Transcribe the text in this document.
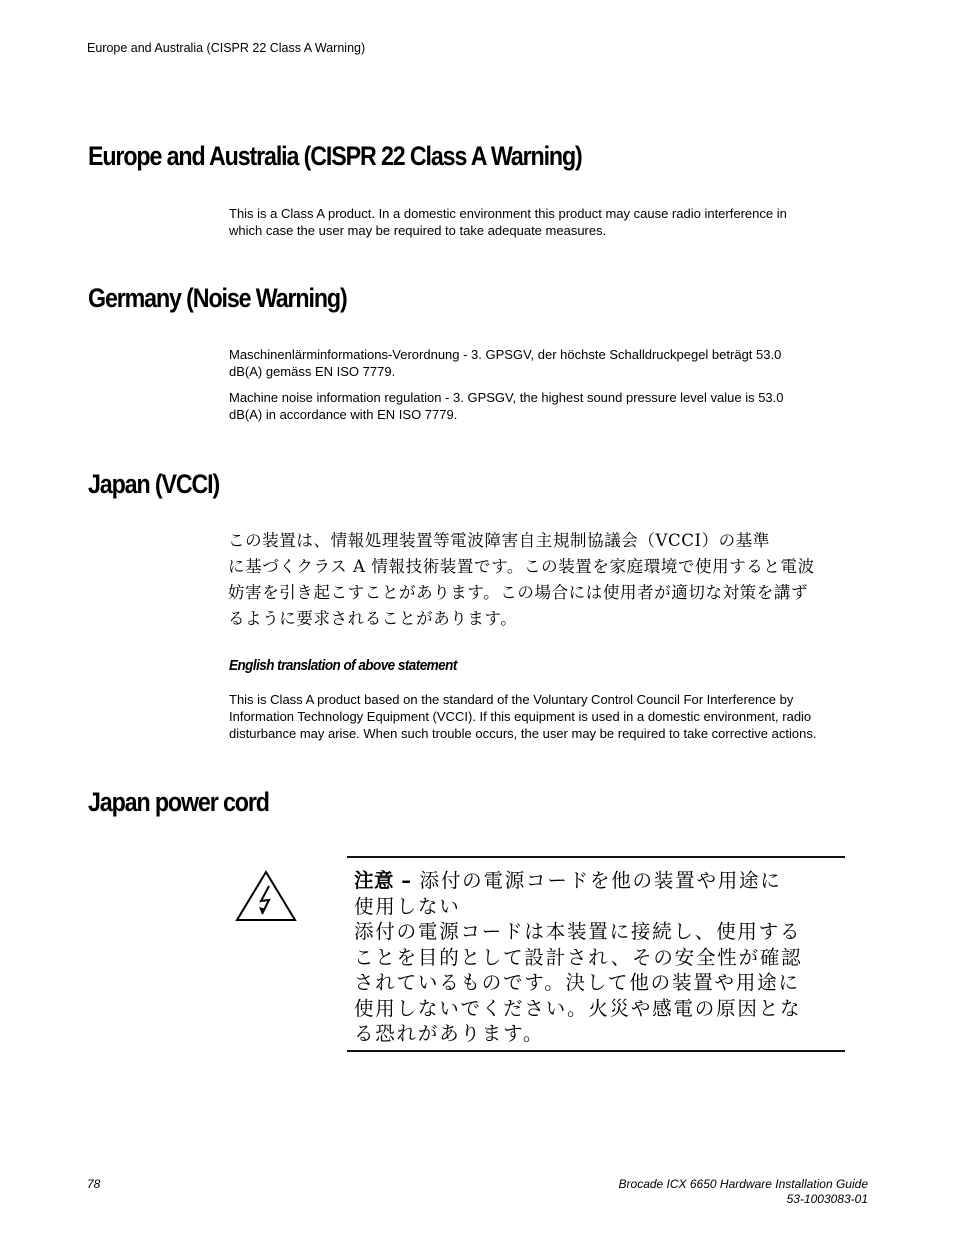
Europe and Australia (CISPR 22 Class A Warning)
Europe and Australia (CISPR 22 Class A Warning)
This is a Class A product. In a domestic environment this product may cause radio interference in
which case the user may be required to take adequate measures.
Germany (Noise Warning)
Maschinenlärminformations-Verordnung - 3. GPSGV, der höchste Schalldruckpegel beträgt 53.0
dB(A) gemäss EN ISO 7779.
Machine noise information regulation - 3. GPSGV, the highest sound pressure level value is 53.0
dB(A) in accordance with EN ISO 7779.
Japan (VCCI)
この装置は、情報処理装置等電波障害自主規制協議会（VCCI）の基準
に基づくクラス A 情報技術装置です。この装置を家庭環境で使用すると電波
妨害を引き起こすことがあります。この場合には使用者が適切な対策を講ず
るように要求されることがあります。
English translation of above statement
This is Class A product based on the standard of the Voluntary Control Council For Interference by
Information Technology Equipment (VCCI). If this equipment is used in a domestic environment, radio
disturbance may arise. When such trouble occurs, the user may be required to take corrective actions.
Japan power cord
注意 – 添付の電源コードを他の装置や用途に
使用しない
添付の電源コードは本装置に接続し、使用する
ことを目的として設計され、その安全性が確認
されているものです。決して他の装置や用途に
使用しないでください。火災や感電の原因とな
る恐れがあります。
78	Brocade ICX 6650 Hardware Installation Guide
53-1003083-01
